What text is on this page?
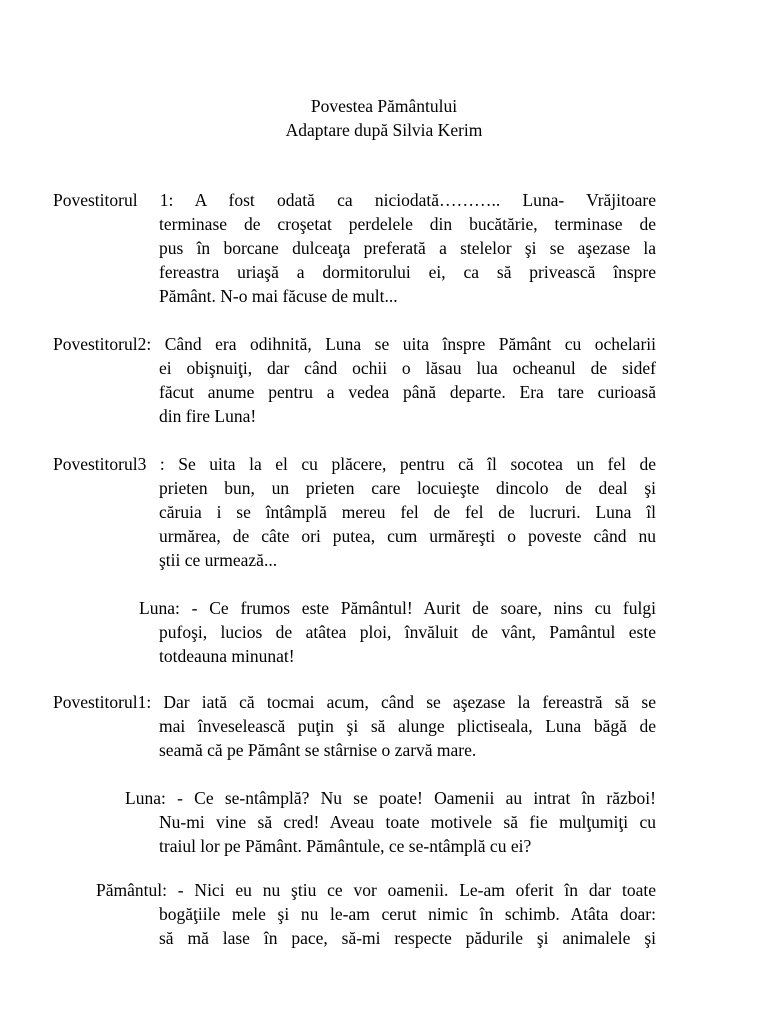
Povestea Pământului
Adaptare după Silvia Kerim
Povestitorul 1: A fost odată ca niciodată……….. Luna- Vrăjitoare
terminase de croşetat perdelele din bucătărie, terminase de
pus în borcane dulceaţa preferată a stelelor şi se aşezase la
fereastra uriaşă a dormitorului ei, ca să privească înspre
Pământ. N-o mai făcuse de mult...
Povestitorul2: Când era odihnită, Luna se uita înspre Pământ cu ochelarii
ei obişnuiţi, dar când ochii o lăsau lua ocheanul de sidef
făcut anume pentru a vedea până departe. Era tare curioasă
din fire Luna!
Povestitorul3 : Se uita la el cu plăcere, pentru că îl socotea un fel de
prieten bun, un prieten care locuieşte dincolo de deal şi
căruia i se întâmplă mereu fel de fel de lucruri. Luna îl
urmărea, de câte ori putea, cum urmăreşti o poveste când nu
ştii ce urmează...
Luna: - Ce frumos este Pământul! Aurit de soare, nins cu fulgi
pufoşi, lucios de atâtea ploi, învăluit de vânt, Pamântul este
totdeauna minunat!
Povestitorul1: Dar iată că tocmai acum, când se aşezase la fereastră să se
mai înveselească puţin şi să alunge plictiseala, Luna băgă de
seamă că pe Pământ se stârnise o zarvă mare.
Luna: - Ce se-ntâmplă? Nu se poate! Oamenii au intrat în război!
Nu-mi vine să cred! Aveau toate motivele să fie mulţumiţi cu
traiul lor pe Pământ. Pământule, ce se-ntâmplă cu ei?
Pământul: - Nici eu nu ştiu ce vor oamenii. Le-am oferit în dar toate
bogăţiile mele şi nu le-am cerut nimic în schimb. Atâta doar:
să mă lase în pace, să-mi respecte pădurile şi animalele şi
